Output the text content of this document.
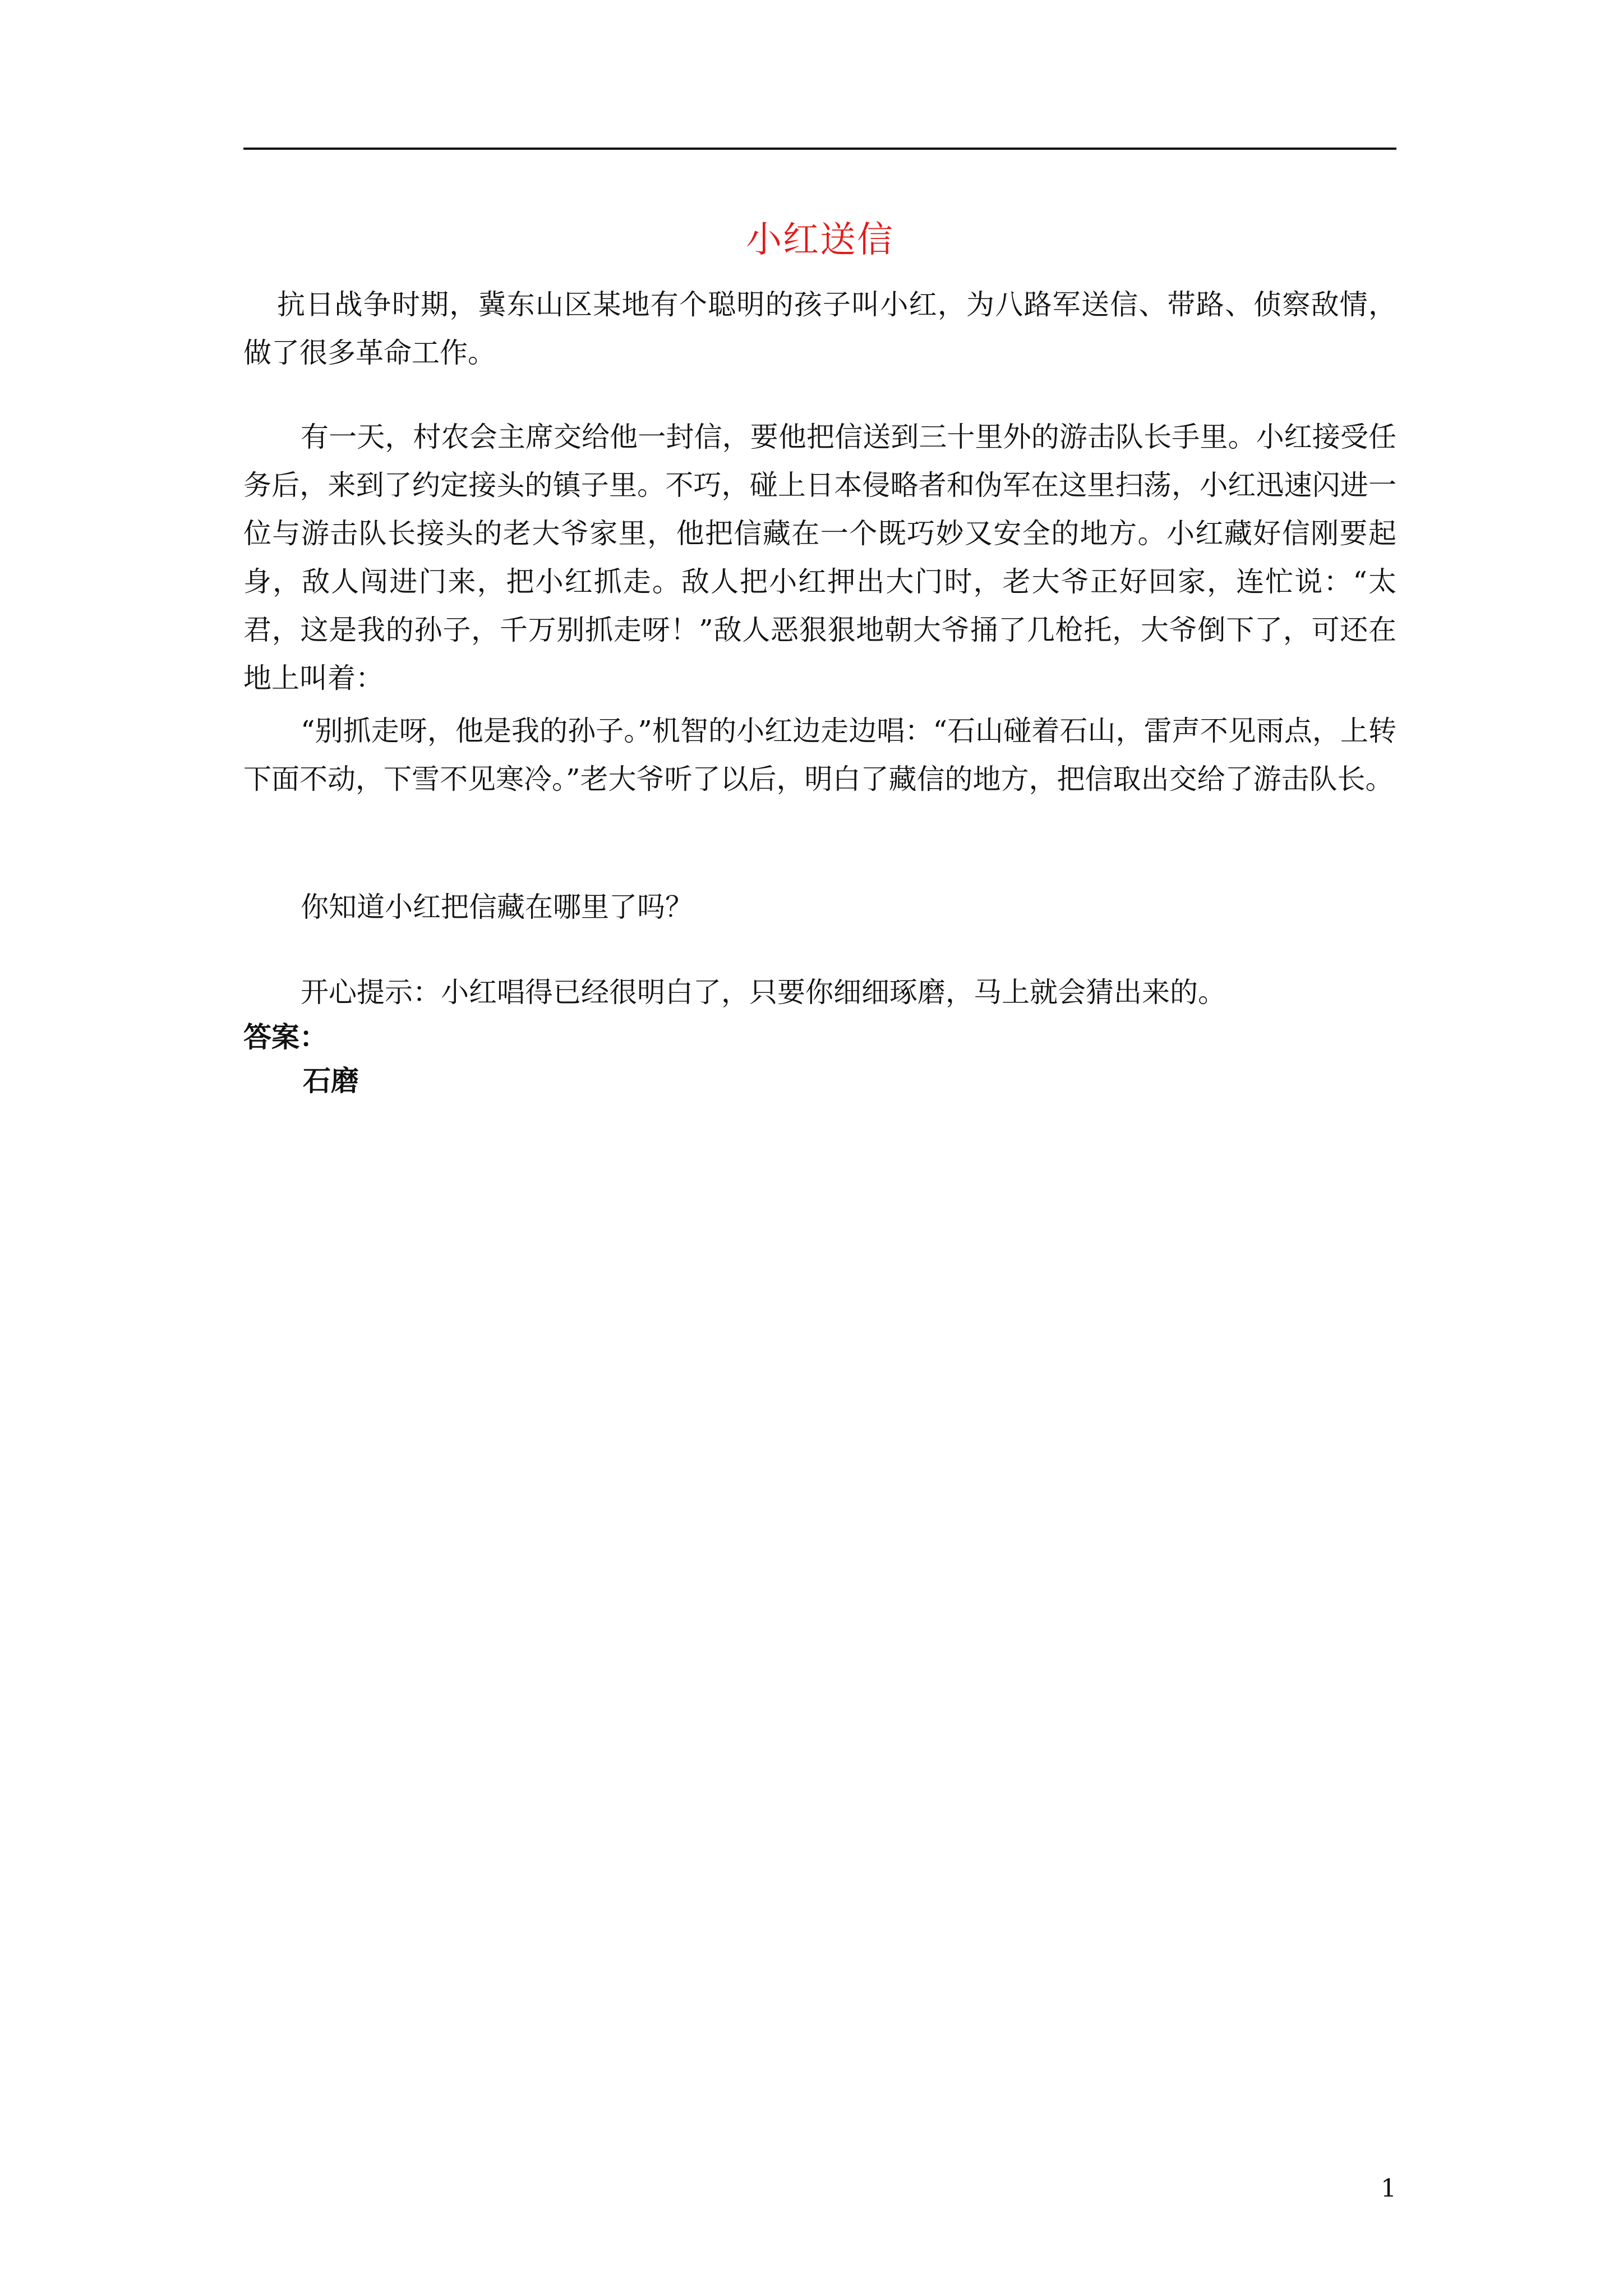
小红送信

抗日战争时期，冀东山区某地有个聪明的孩子叫小红，为八路军送信、带路、侦察敌情，做了很多革命工作。

有一天，村农会主席交给他一封信，要他把信送到三十里外的游击队长手里。小红接受任务后，来到了约定接头的镇子里。不巧，碰上日本侵略者和伪军在这里扫荡，小红迅速闪进一位与游击队长接头的老大爷家里，他把信藏在一个既巧妙又安全的地方。小红藏好信刚要起身，敌人闯进门来，把小红抓走。敌人把小红押出大门时，老大爷正好回家，连忙说：“太君，这是我的孙子，千万别抓走呀！”敌人恶狠狠地朝大爷捅了几枪托，大爷倒下了，可还在地上叫着：

“别抓走呀，他是我的孙子。”机智的小红边走边唱：“石山碰着石山，雷声不见雨点，上转下面不动，下雪不见寒冷。”老大爷听了以后，明白了藏信的地方，把信取出交给了游击队长。

你知道小红把信藏在哪里了吗？

开心提示：小红唱得已经很明白了，只要你细细琢磨，马上就会猜出来的。

答案：

石磨

1
